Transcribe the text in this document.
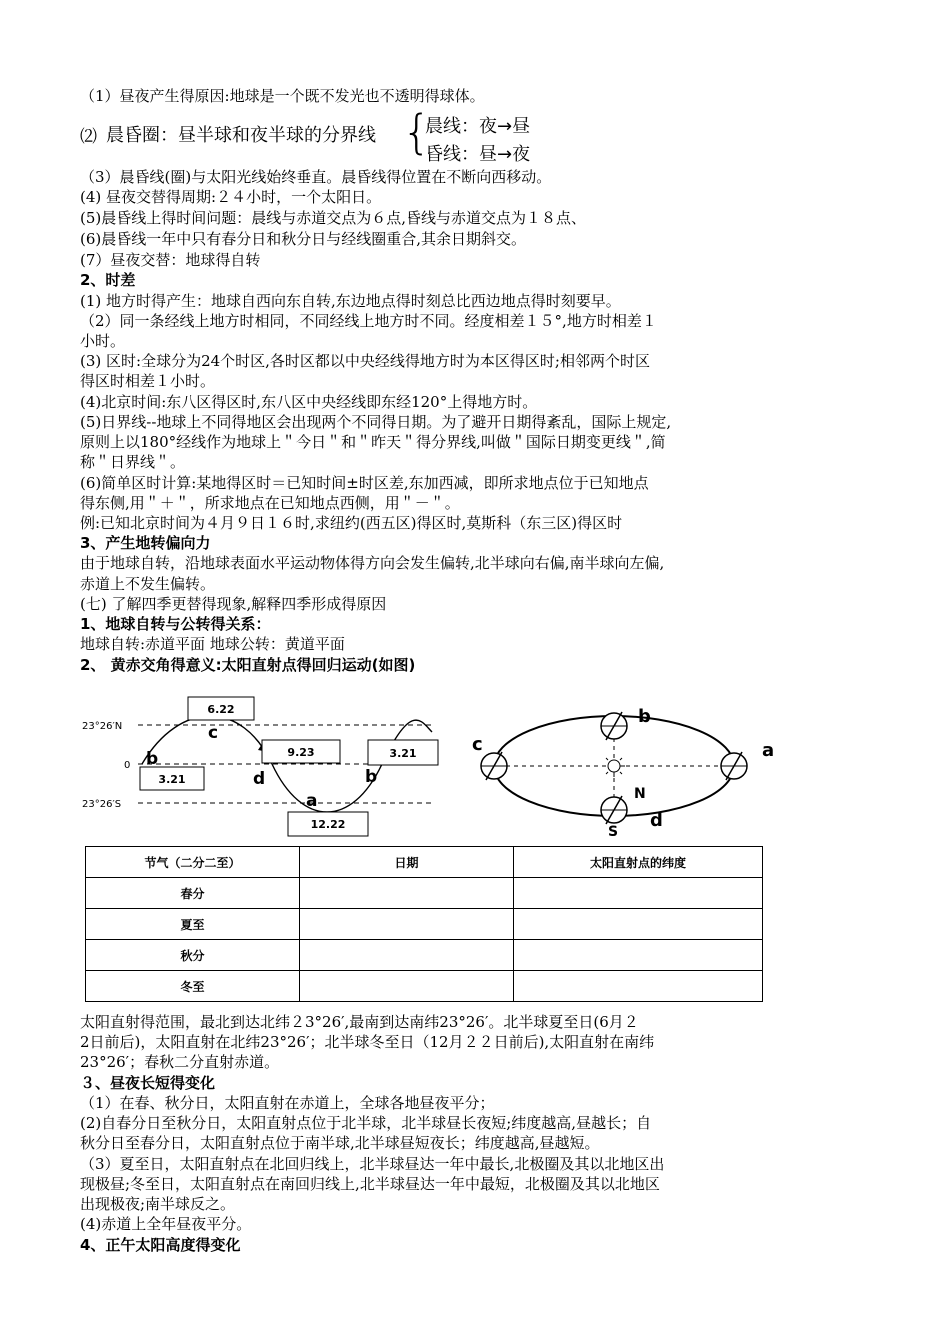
（1）昼夜产生得原因:地球是一个既不发光也不透明得球体。
⑵ 晨昏圈：昼半球和夜半球的分界线 {
晨线：夜→昼
昏线：昼→夜
（3）晨昏线(圈)与太阳光线始终垂直。晨昏线得位置在不断向西移动。
(4) 昼夜交替得周期:２４小时，一个太阳日。
(5)晨昏线上得时间问题：晨线与赤道交点为６点,昏线与赤道交点为１８点、
(6)晨昏线一年中只有春分日和秋分日与经线圈重合,其余日期斜交。
(7）昼夜交替：地球得自转
2、时差
(1) 地方时得产生：地球自西向东自转,东边地点得时刻总比西边地点得时刻要早。
（2）同一条经线上地方时相同，不同经线上地方时不同。经度相差１５°,地方时相差１
小时。
(3) 区时:全球分为24个时区,各时区都以中央经线得地方时为本区得区时;相邻两个时区
得区时相差１小时。
(4)北京时间:东八区得区时,东八区中央经线即东经120°上得地方时。
(5)日界线--地球上不同得地区会出现两个不同得日期。为了避开日期得紊乱，国际上规定,
原则上以180°经线作为地球上＂今日＂和＂昨天＂得分界线,叫做＂国际日期变更线＂,简
称＂日界线＂。
(6)简单区时计算:某地得区时＝已知时间±时区差,东加西减，即所求地点位于已知地点
得东侧,用＂＋＂，所求地点在已知地点西侧，用＂－＂。
例:已知北京时间为４月９日１６时,求纽约(西五区)得区时,莫斯科（东三区)得区时
3、产生地转偏向力
由于地球自转，沿地球表面水平运动物体得方向会发生偏转,北半球向右偏,南半球向左偏,
赤道上不发生偏转。
(七) 了解四季更替得现象,解释四季形成得原因
1、地球自转与公转得关系：
地球自转:赤道平面 地球公转：黄道平面
2、 黄赤交角得意义:太阳直射点得回归运动(如图)
23°26′N
0
23°26′S
6.22
9.23
3.21
3.21
12.22
b
c
d
a
b
b
c	a
d
N
S
节气（二分二至）	日期	太阳直射点的纬度
春分		
夏至		
秋分		
冬至		
太阳直射得范围，最北到达北纬２3°26′,最南到达南纬23°26′。北半球夏至日(6月２
2日前后)，太阳直射在北纬23°26′；北半球冬至日（12月２２日前后),太阳直射在南纬
23°26′；春秋二分直射赤道。
３、昼夜长短得变化
（1）在春、秋分日，太阳直射在赤道上，全球各地昼夜平分；
(2)自春分日至秋分日，太阳直射点位于北半球，北半球昼长夜短;纬度越高,昼越长；自
秋分日至春分日，太阳直射点位于南半球,北半球昼短夜长；纬度越高,昼越短。
（3）夏至日，太阳直射点在北回归线上，北半球昼达一年中最长,北极圈及其以北地区出
现极昼;冬至日，太阳直射点在南回归线上,北半球昼达一年中最短，北极圈及其以北地区
出现极夜;南半球反之。
(4)赤道上全年昼夜平分。
4、正午太阳高度得变化
